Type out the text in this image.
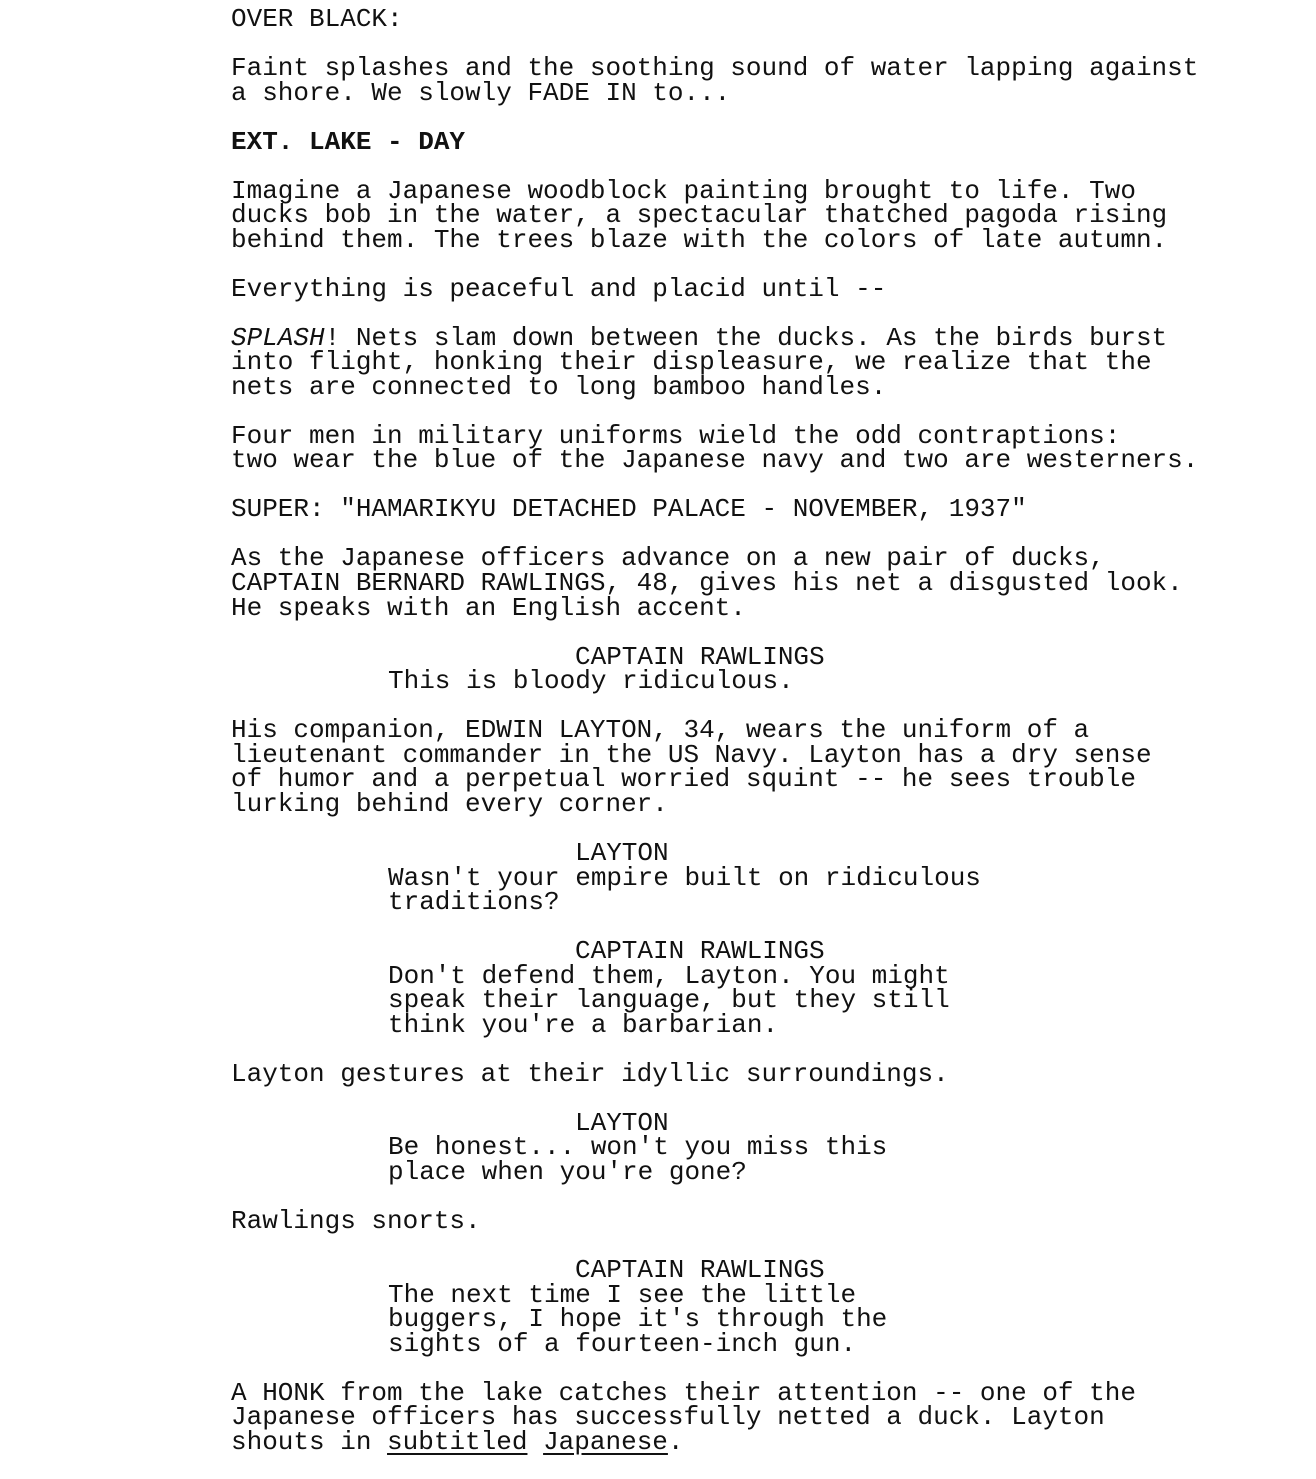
OVER BLACK:
Faint splashes and the soothing sound of water lapping against
a shore. We slowly FADE IN to...
EXT. LAKE - DAY
Imagine a Japanese woodblock painting brought to life. Two
ducks bob in the water, a spectacular thatched pagoda rising
behind them. The trees blaze with the colors of late autumn.
Everything is peaceful and placid until --
SPLASH! Nets slam down between the ducks. As the birds burst
into flight, honking their displeasure, we realize that the
nets are connected to long bamboo handles.
Four men in military uniforms wield the odd contraptions:
two wear the blue of the Japanese navy and two are westerners.
SUPER: "HAMARIKYU DETACHED PALACE - NOVEMBER, 1937"
As the Japanese officers advance on a new pair of ducks,
CAPTAIN BERNARD RAWLINGS, 48, gives his net a disgusted look.
He speaks with an English accent.
CAPTAIN RAWLINGS
This is bloody ridiculous.
His companion, EDWIN LAYTON, 34, wears the uniform of a
lieutenant commander in the US Navy. Layton has a dry sense
of humor and a perpetual worried squint -- he sees trouble
lurking behind every corner.
LAYTON
Wasn't your empire built on ridiculous
traditions?
CAPTAIN RAWLINGS
Don't defend them, Layton. You might
speak their language, but they still
think you're a barbarian.
Layton gestures at their idyllic surroundings.
LAYTON
Be honest... won't you miss this
place when you're gone?
Rawlings snorts.
CAPTAIN RAWLINGS
The next time I see the little
buggers, I hope it's through the
sights of a fourteen-inch gun.
A HONK from the lake catches their attention -- one of the
Japanese officers has successfully netted a duck. Layton
shouts in subtitled Japanese.
